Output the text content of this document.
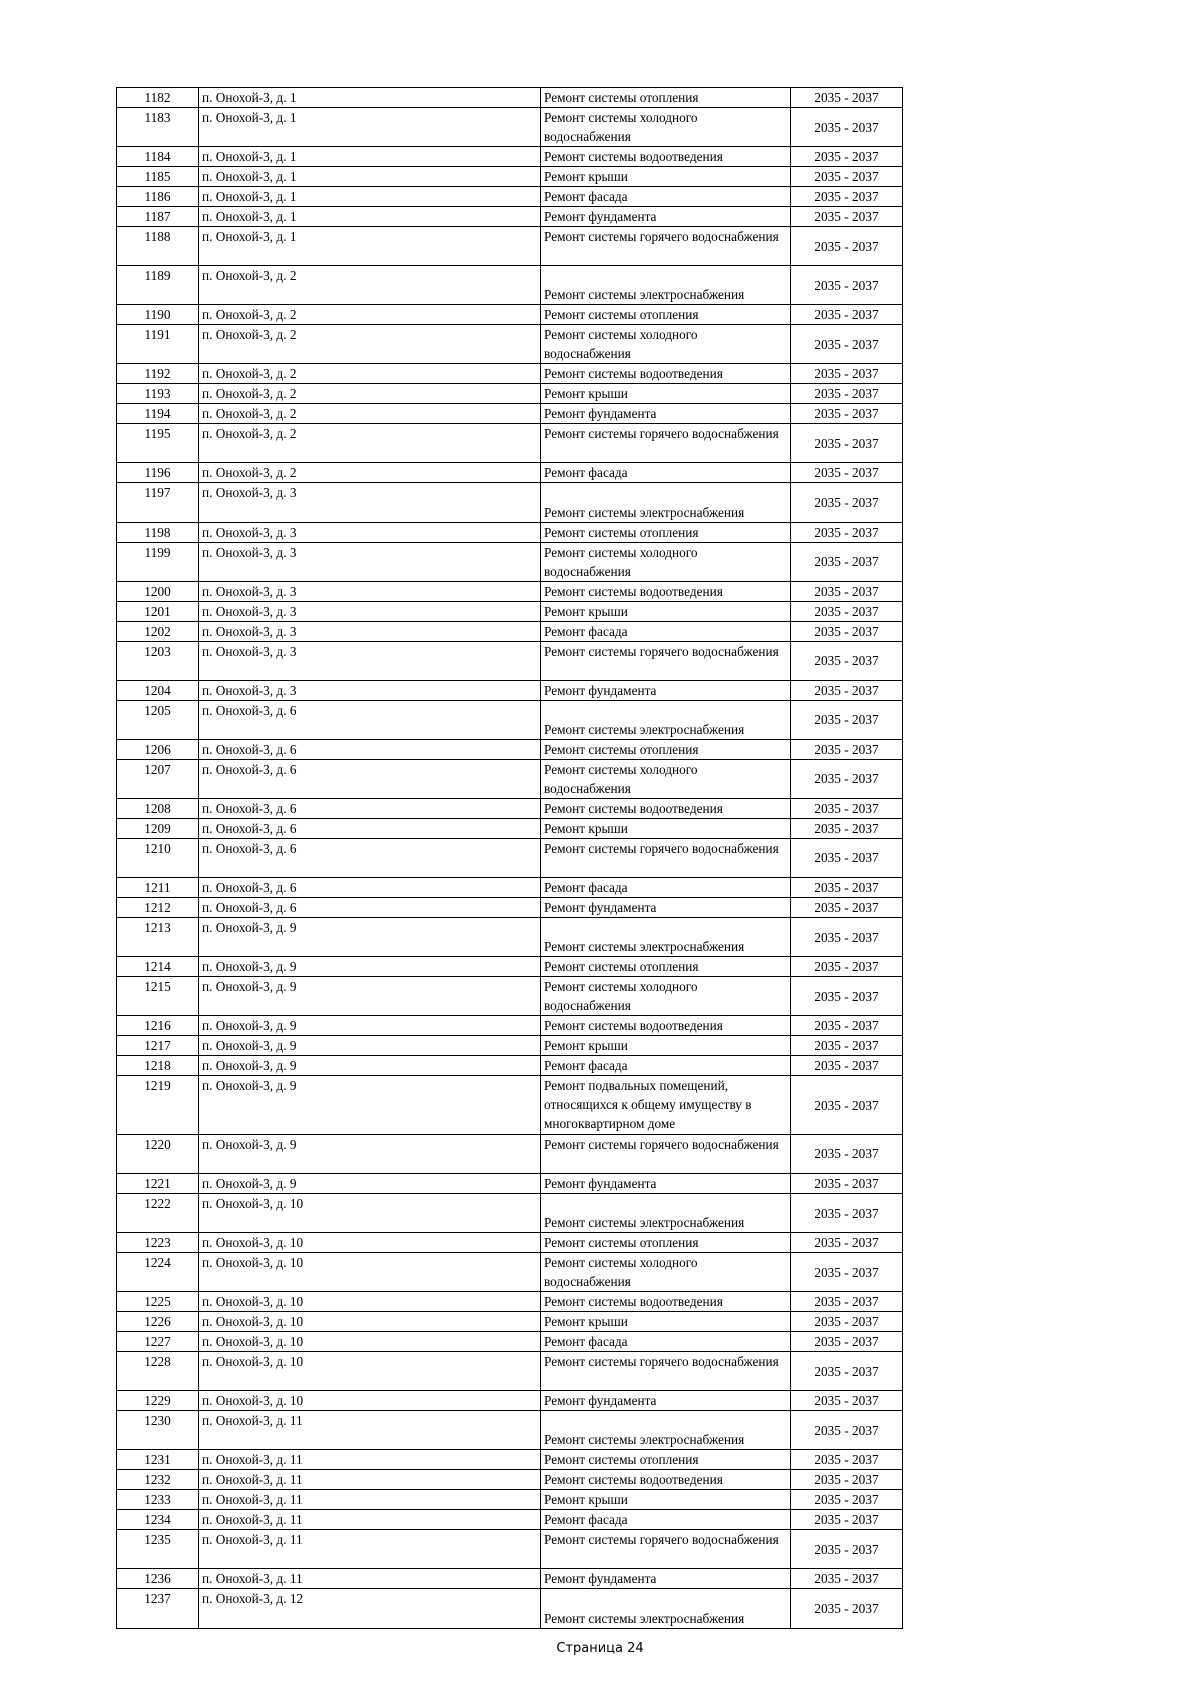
1182	п. Онохой-3, д. 1	Ремонт системы отопления	2035 - 2037
1183	п. Онохой-3, д. 1	Ремонт системы холодного водоснабжения	2035 - 2037
1184	п. Онохой-3, д. 1	Ремонт системы водоотведения	2035 - 2037
1185	п. Онохой-3, д. 1	Ремонт крыши	2035 - 2037
1186	п. Онохой-3, д. 1	Ремонт фасада	2035 - 2037
1187	п. Онохой-3, д. 1	Ремонт фундамента	2035 - 2037
1188	п. Онохой-3, д. 1	Ремонт системы горячего водоснабжения	2035 - 2037
1189	п. Онохой-3, д. 2	Ремонт системы электроснабжения	2035 - 2037
1190	п. Онохой-3, д. 2	Ремонт системы отопления	2035 - 2037
1191	п. Онохой-3, д. 2	Ремонт системы холодного водоснабжения	2035 - 2037
1192	п. Онохой-3, д. 2	Ремонт системы водоотведения	2035 - 2037
1193	п. Онохой-3, д. 2	Ремонт крыши	2035 - 2037
1194	п. Онохой-3, д. 2	Ремонт фундамента	2035 - 2037
1195	п. Онохой-3, д. 2	Ремонт системы горячего водоснабжения	2035 - 2037
1196	п. Онохой-3, д. 2	Ремонт фасада	2035 - 2037
1197	п. Онохой-3, д. 3	Ремонт системы электроснабжения	2035 - 2037
1198	п. Онохой-3, д. 3	Ремонт системы отопления	2035 - 2037
1199	п. Онохой-3, д. 3	Ремонт системы холодного водоснабжения	2035 - 2037
1200	п. Онохой-3, д. 3	Ремонт системы водоотведения	2035 - 2037
1201	п. Онохой-3, д. 3	Ремонт крыши	2035 - 2037
1202	п. Онохой-3, д. 3	Ремонт фасада	2035 - 2037
1203	п. Онохой-3, д. 3	Ремонт системы горячего водоснабжения	2035 - 2037
1204	п. Онохой-3, д. 3	Ремонт фундамента	2035 - 2037
1205	п. Онохой-3, д. 6	Ремонт системы электроснабжения	2035 - 2037
1206	п. Онохой-3, д. 6	Ремонт системы отопления	2035 - 2037
1207	п. Онохой-3, д. 6	Ремонт системы холодного водоснабжения	2035 - 2037
1208	п. Онохой-3, д. 6	Ремонт системы водоотведения	2035 - 2037
1209	п. Онохой-3, д. 6	Ремонт крыши	2035 - 2037
1210	п. Онохой-3, д. 6	Ремонт системы горячего водоснабжения	2035 - 2037
1211	п. Онохой-3, д. 6	Ремонт фасада	2035 - 2037
1212	п. Онохой-3, д. 6	Ремонт фундамента	2035 - 2037
1213	п. Онохой-3, д. 9	Ремонт системы электроснабжения	2035 - 2037
1214	п. Онохой-3, д. 9	Ремонт системы отопления	2035 - 2037
1215	п. Онохой-3, д. 9	Ремонт системы холодного водоснабжения	2035 - 2037
1216	п. Онохой-3, д. 9	Ремонт системы водоотведения	2035 - 2037
1217	п. Онохой-3, д. 9	Ремонт крыши	2035 - 2037
1218	п. Онохой-3, д. 9	Ремонт фасада	2035 - 2037
1219	п. Онохой-3, д. 9	Ремонт подвальных помещений, относящихся к общему имуществу в многоквартирном доме	2035 - 2037
1220	п. Онохой-3, д. 9	Ремонт системы горячего водоснабжения	2035 - 2037
1221	п. Онохой-3, д. 9	Ремонт фундамента	2035 - 2037
1222	п. Онохой-3, д. 10	Ремонт системы электроснабжения	2035 - 2037
1223	п. Онохой-3, д. 10	Ремонт системы отопления	2035 - 2037
1224	п. Онохой-3, д. 10	Ремонт системы холодного водоснабжения	2035 - 2037
1225	п. Онохой-3, д. 10	Ремонт системы водоотведения	2035 - 2037
1226	п. Онохой-3, д. 10	Ремонт крыши	2035 - 2037
1227	п. Онохой-3, д. 10	Ремонт фасада	2035 - 2037
1228	п. Онохой-3, д. 10	Ремонт системы горячего водоснабжения	2035 - 2037
1229	п. Онохой-3, д. 10	Ремонт фундамента	2035 - 2037
1230	п. Онохой-3, д. 11	Ремонт системы электроснабжения	2035 - 2037
1231	п. Онохой-3, д. 11	Ремонт системы отопления	2035 - 2037
1232	п. Онохой-3, д. 11	Ремонт системы водоотведения	2035 - 2037
1233	п. Онохой-3, д. 11	Ремонт крыши	2035 - 2037
1234	п. Онохой-3, д. 11	Ремонт фасада	2035 - 2037
1235	п. Онохой-3, д. 11	Ремонт системы горячего водоснабжения	2035 - 2037
1236	п. Онохой-3, д. 11	Ремонт фундамента	2035 - 2037
1237	п. Онохой-3, д. 12	Ремонт системы электроснабжения	2035 - 2037
Страница 24
